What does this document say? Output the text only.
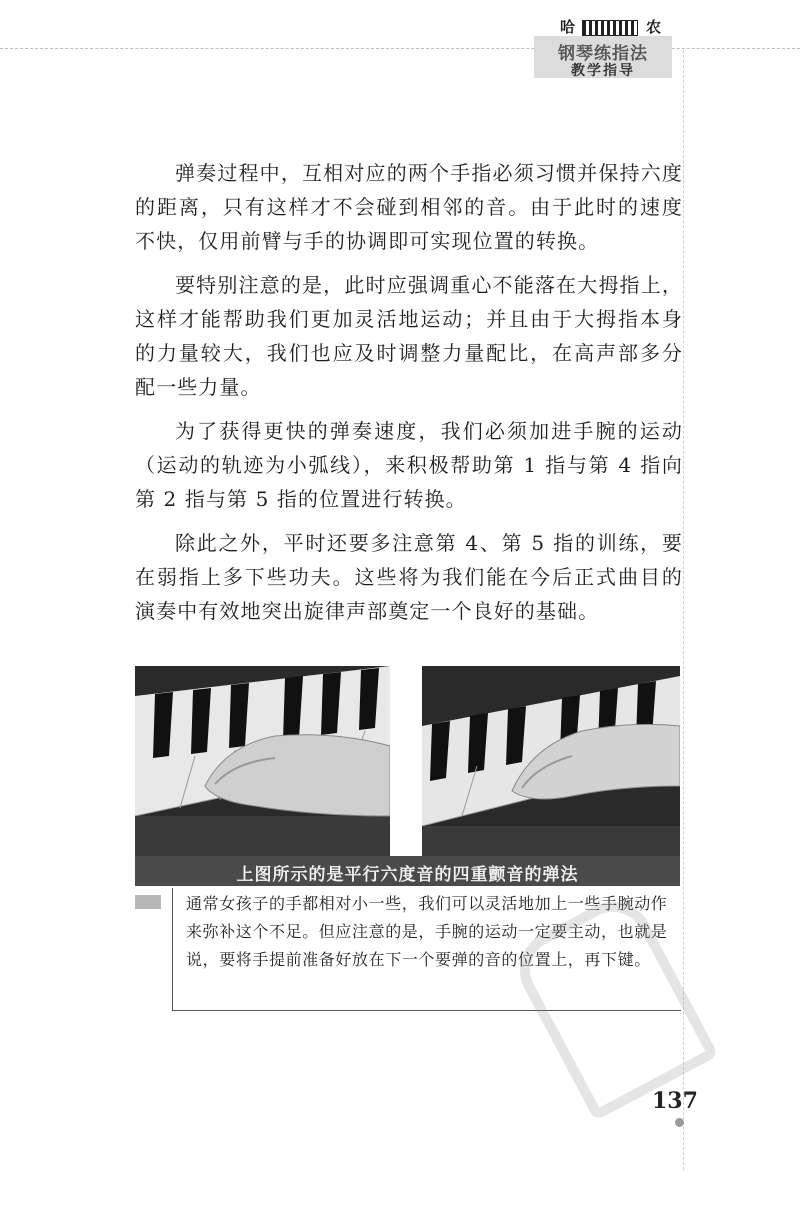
哈	农
钢琴练指法
教学指导

弹奏过程中，互相对应的两个手指必须习惯并保持六度的距离，只有这样才不会碰到相邻的音。由于此时的速度不快，仅用前臂与手的协调即可实现位置的转换。

要特别注意的是，此时应强调重心不能落在大拇指上，这样才能帮助我们更加灵活地运动；并且由于大拇指本身的力量较大，我们也应及时调整力量配比，在高声部多分配一些力量。

为了获得更快的弹奏速度，我们必须加进手腕的运动（运动的轨迹为小弧线），来积极帮助第 1 指与第 4 指向第 2 指与第 5 指的位置进行转换。

除此之外，平时还要多注意第 4、第 5 指的训练，要在弱指上多下些功夫。这些将为我们能在今后正式曲目的演奏中有效地突出旋律声部奠定一个良好的基础。

上图所示的是平行六度音的四重颤音的弹法
通常女孩子的手都相对小一些，我们可以灵活地加上一些手腕动作来弥补这个不足。但应注意的是，手腕的运动一定要主动，也就是说，要将手提前准备好放在下一个要弹的音的位置上，再下键。
137
